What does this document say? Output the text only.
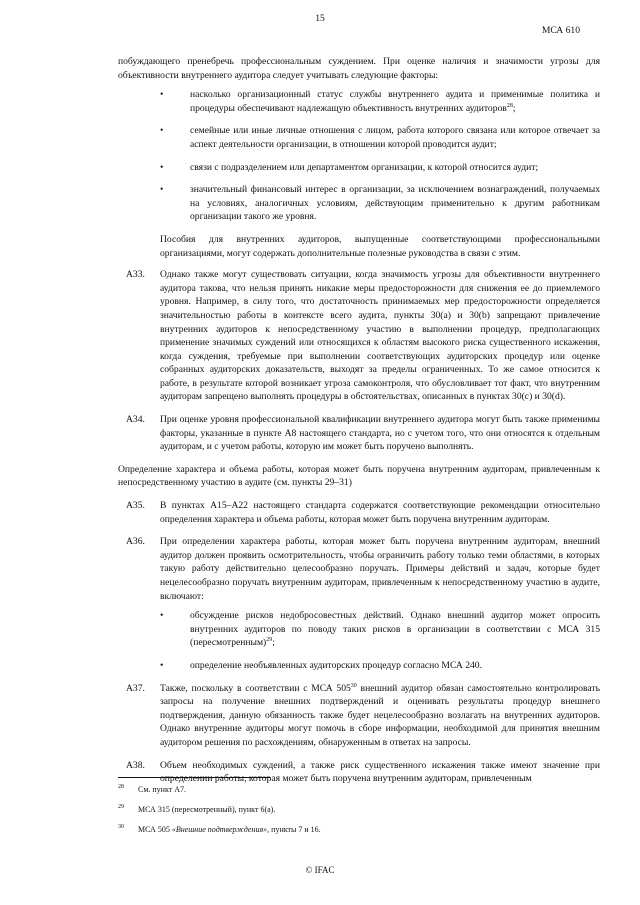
15
МСА 610

побуждающего пренебречь профессиональным суждением. При оценке наличия и значимости угрозы для объективности внутреннего аудитора следует учитывать следующие факторы:

• насколько организационный статус службы внутреннего аудита и применимые политика и процедуры обеспечивают надлежащую объективность внутренних аудиторов$^{28}$;
• семейные или иные личные отношения с лицом, работа которого связана или которое отвечает за аспект деятельности организации, в отношении которой проводится аудит;
• связи с подразделением или департаментом организации, к которой относится аудит;
• значительный финансовый интерес в организации, за исключением вознаграждений, получаемых на условиях, аналогичных условиям, действующим применительно к другим работникам организации такого же уровня.

Пособия для внутренних аудиторов, выпущенные соответствующими профессиональными организациями, могут содержать дополнительные полезные руководства в связи с этим.

A33. Однако также могут существовать ситуации, когда значимость угрозы для объективности внутреннего аудитора такова, что нельзя принять никакие меры предосторожности для снижения ее до приемлемого уровня. Например, в силу того, что достаточность принимаемых мер предосторожности определяется значительностью работы в контексте всего аудита, пункты 30(a) и 30(b) запрещают привлечение внутренних аудиторов к непосредственному участию в выполнении процедур, предполагающих применение значимых суждений или относящихся к областям высокого риска существенного искажения, когда суждения, требуемые при выполнении соответствующих аудиторских процедур или оценке собранных аудиторских доказательств, выходят за пределы ограниченных. То же самое относится к работе, в результате которой возникает угроза самоконтроля, что обусловливает тот факт, что внутренним аудиторам запрещено выполнять процедуры в обстоятельствах, описанных в пунктах 30(c) и 30(d).
A34. При оценке уровня профессиональной квалификации внутреннего аудитора могут быть также применимы факторы, указанные в пункте A8 настоящего стандарта, но с учетом того, что они относятся к отдельным аудиторам, и с учетом работы, которую им может быть поручено выполнять.

Определение характера и объема работы, которая может быть поручена внутренним аудиторам, привлеченным к непосредственному участию в аудите (см. пункты 29–31)

A35. В пунктах A15–A22 настоящего стандарта содержатся соответствующие рекомендации относительно определения характера и объема работы, которая может быть поручена внутренним аудиторам.
A36. При определении характера работы, которая может быть поручена внутренним аудиторам, внешний аудитор должен проявить осмотрительность, чтобы ограничить работу только теми областями, в которых такую работу действительно целесообразно поручать. Примеры действий и задач, которые будет нецелесообразно поручать внутренним аудиторам, привлеченным к непосредственному участию в аудите, включают:
• обсуждение рисков недобросовестных действий. Однако внешний аудитор может опросить внутренних аудиторов по поводу таких рисков в организации в соответствии с МСА 315 (пересмотренным)$^{29}$;
• определение необъявленных аудиторских процедур согласно МСА 240.
A37. Также, поскольку в соответствии с МСА $505^{30}$ внешний аудитор обязан самостоятельно контролировать запросы на получение внешних подтверждений и оценивать результаты процедур внешнего подтверждения, данную обязанность также будет нецелесообразно возлагать на внутренних аудиторов. Однако внутренние аудиторы могут помочь в сборе информации, необходимой для принятия внешним аудитором решения по расхождениям, обнаруженным в ответах на запросы.
A38. Объем необходимых суждений, а также риск существенного искажения также имеют значение при определении работы, которая может быть поручена внутренним аудиторам, привлеченным
28 См. пункт A7.
29 МСА 315 (пересмотренный), пункт 6(a).
30 МСА 505 «Внешние подтверждения», пункты 7 и 16.
© IFAC
